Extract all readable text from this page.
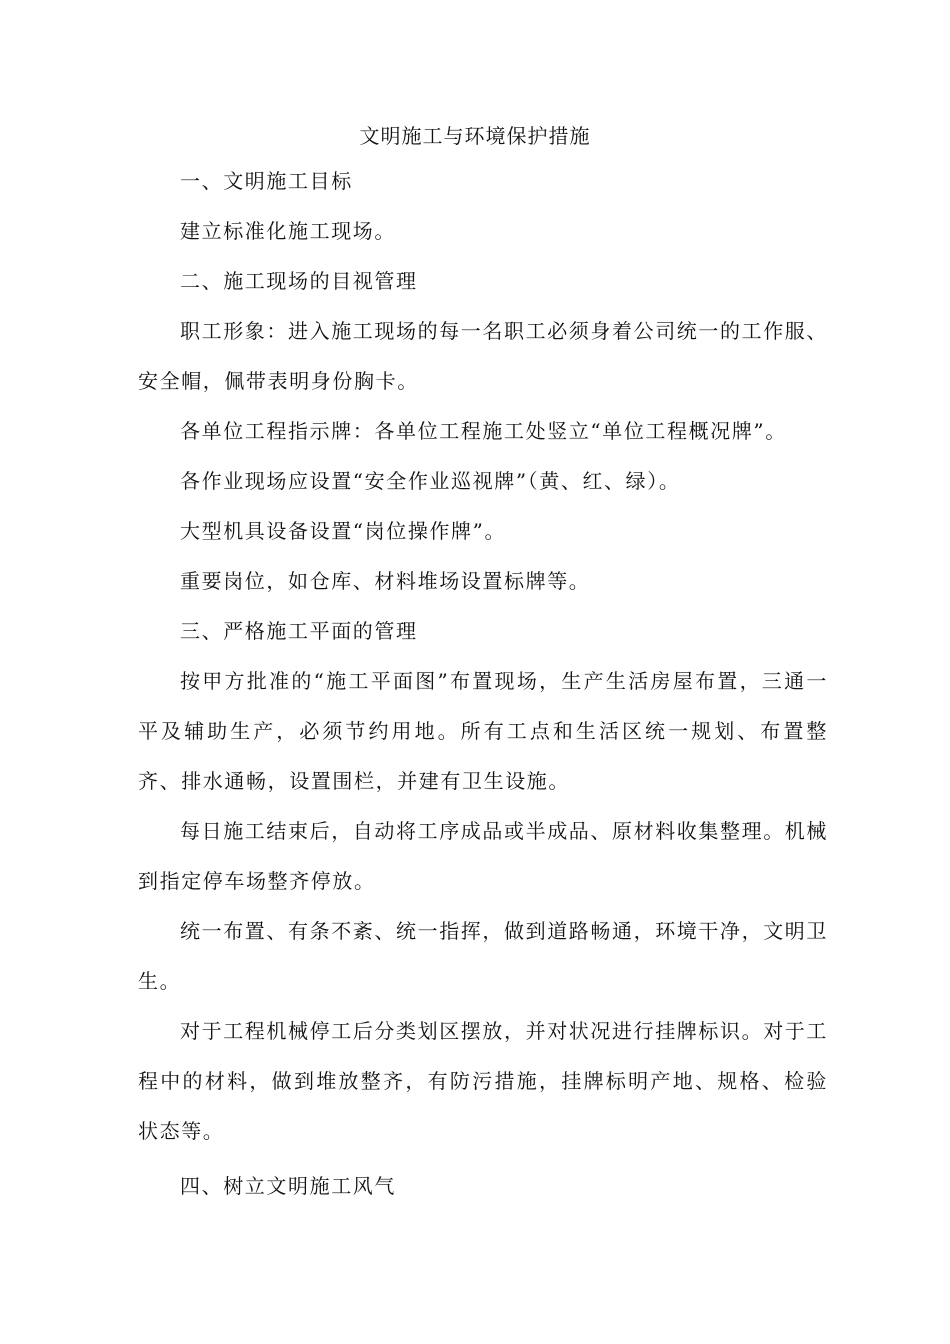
文明施工与环境保护措施

一、文明施工目标

建立标准化施工现场。

二、施工现场的目视管理

职工形象：进入施工现场的每一名职工必须身着公司统一的工作服、安全帽，佩带表明身份胸卡。

各单位工程指示牌：各单位工程施工处竖立“单位工程概况牌”。

各作业现场应设置“安全作业巡视牌”（黄、红、绿）。

大型机具设备设置“岗位操作牌”。

重要岗位，如仓库、材料堆场设置标牌等。

三、严格施工平面的管理

按甲方批准的“施工平面图”布置现场，生产生活房屋布置，三通一平及辅助生产，必须节约用地。所有工点和生活区统一规划、布置整齐、排水通畅，设置围栏，并建有卫生设施。

每日施工结束后，自动将工序成品或半成品、原材料收集整理。机械到指定停车场整齐停放。

统一布置、有条不紊、统一指挥，做到道路畅通，环境干净，文明卫生。

对于工程机械停工后分类划区摆放，并对状况进行挂牌标识。对于工程中的材料，做到堆放整齐，有防污措施，挂牌标明产地、规格、检验状态等。

四、树立文明施工风气
